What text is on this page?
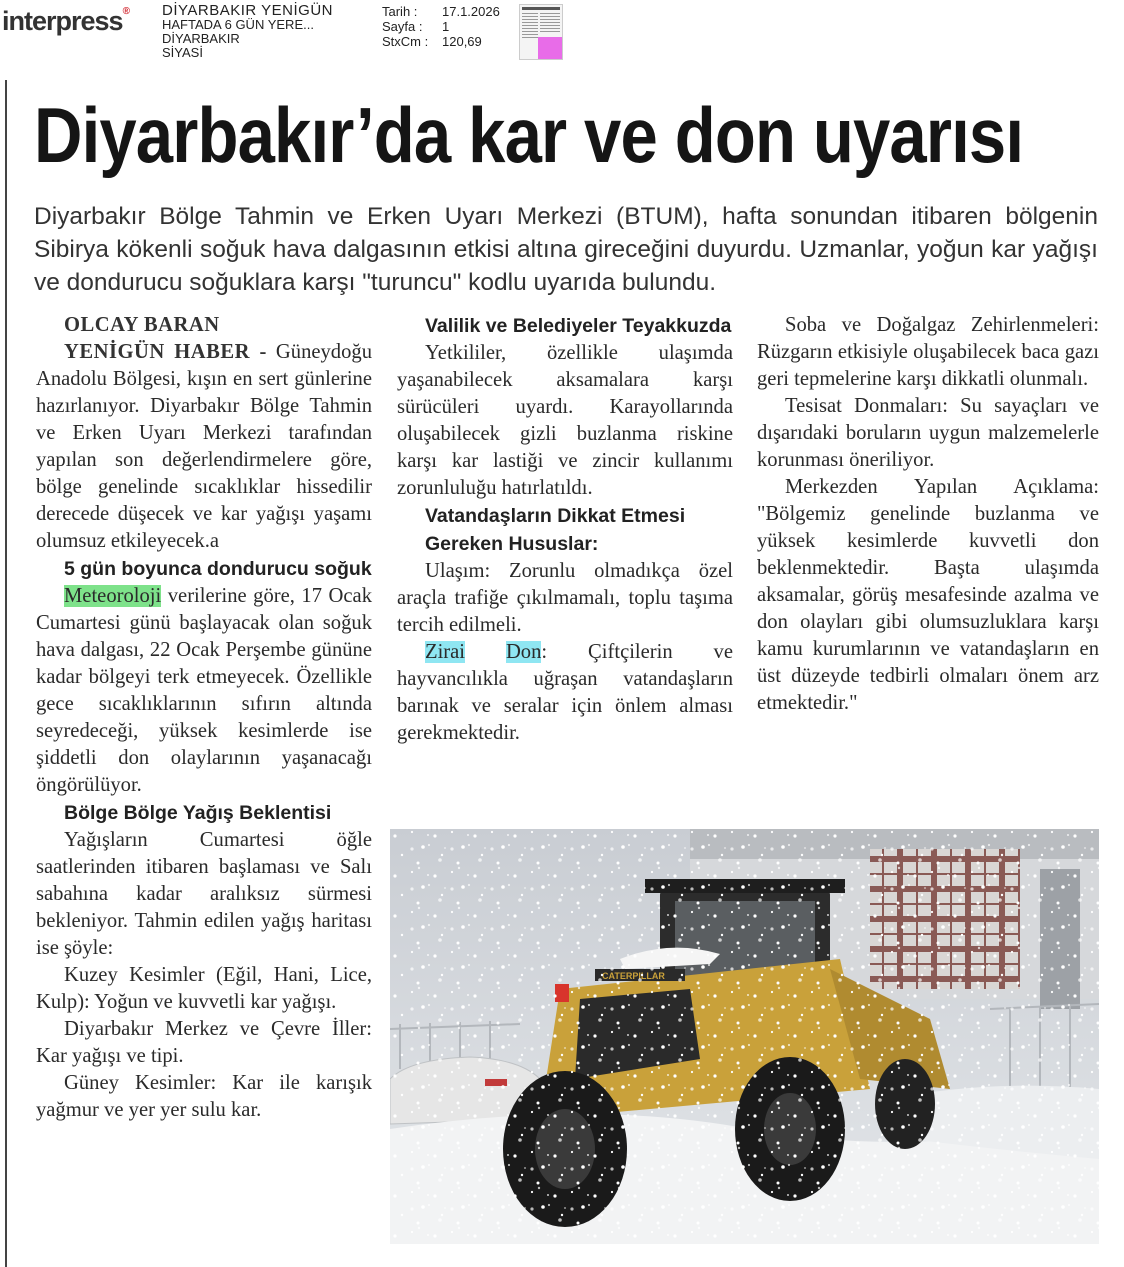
interpress® DİYARBAKIR YENİGÜN
HAFTADA 6 GÜN YERE...
DİYARBAKIR
SİYASİ
Tarih :	17.1.2026
Sayfa :	1
StxCm :	120,69
Diyarbakır’da kar ve don uyarısı

Diyarbakır Bölge Tahmin ve Erken Uyarı Merkezi (BTUM), hafta sonundan itibaren bölgenin Sibirya kökenli soğuk hava dalgasının etkisi altına gireceğini duyurdu. Uzmanlar, yoğun kar yağışı ve dondurucu soğuklara karşı "turuncu" kodlu uyarıda bulundu.

OLCAY BARAN

YENİGÜN HABER - Güneydoğu Anadolu Bölgesi, kışın en sert günlerine hazırlanıyor. Diyarbakır Bölge Tahmin ve Erken Uyarı Merkezi tarafından yapılan son değerlendirmelere göre, bölge genelinde sıcaklıklar hissedilir derecede düşecek ve kar yağışı yaşamı olumsuz etkileyecek.a

5 gün boyunca dondurucu soğuk

Meteoroloji verilerine göre, 17 Ocak Cumartesi günü başlayacak olan soğuk hava dalgası, 22 Ocak Perşembe gününe kadar bölgeyi terk etmeyecek. Özellikle gece sıcaklıklarının sıfırın altında seyredeceği, yüksek kesimlerde ise şiddetli don olaylarının yaşanacağı öngörülüyor.

Bölge Bölge Yağış Beklentisi

Yağışların Cumartesi öğle saatlerinden itibaren başlaması ve Salı sabahına kadar aralıksız sürmesi bekleniyor. Tahmin edilen yağış haritası ise şöyle:

Kuzey Kesimler (Eğil, Hani, Lice, Kulp): Yoğun ve kuvvetli kar yağışı.

Diyarbakır Merkez ve Çevre İller: Kar yağışı ve tipi.

Güney Kesimler: Kar ile karışık yağmur ve yer yer sulu kar.

Valilik ve Belediyeler Teyakkuzda

Yetkililer, özellikle ulaşımda yaşanabilecek aksamalara karşı sürücüleri uyardı. Karayollarında oluşabilecek gizli buzlanma riskine karşı kar lastiği ve zincir kullanımı zorunluluğu hatırlatıldı.

Vatandaşların Dikkat Etmesi Gereken Hususlar:

Ulaşım: Zorunlu olmadıkça özel araçla trafiğe çıkılmamalı, toplu taşıma tercih edilmeli.

Zirai Don: Çiftçilerin ve hayvancılıkla uğraşan vatandaşların barınak ve seralar için önlem alması gerekmektedir.

Soba ve Doğalgaz Zehirlenmeleri: Rüzgarın etkisiyle oluşabilecek baca gazı geri tepmelerine karşı dikkatli olunmalı.

Tesisat Donmaları: Su sayaçları ve dışarıdaki boruların uygun malzemelerle korunması öneriliyor.

Merkezden Yapılan Açıklama: "Bölgemiz genelinde buzlanma ve yüksek kesimlerde kuvvetli don beklenmektedir. Başta ulaşımda aksamalar, görüş mesafesinde azalma ve don olayları gibi olumsuzluklara karşı kamu kurumlarının ve vatandaşların en üst düzeyde tedbirli olmaları önem arz etmektedir."
